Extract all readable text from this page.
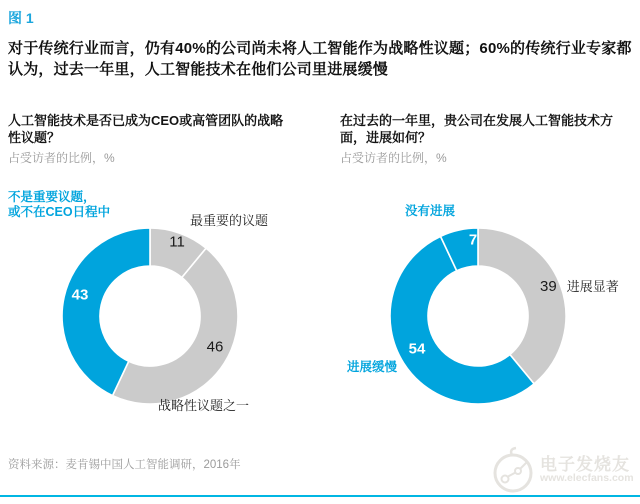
图 1
对于传统行业而言，仍有40%的公司尚未将人工智能作为战略性议题；60%的传统行业专家都认为，过去一年里，人工智能技术在他们公司里进展缓慢
人工智能技术是否已成为CEO或高管团队的战略性议题？
占受访者的比例，%
不是重要议题，
或不在CEO日程中
最重要的议题
战略性议题之一
11
43
46
在过去的一年里，贵公司在发展人工智能技术方面，进展如何？
占受访者的比例，%
没有进展
进展缓慢
7
54
39 进展显著
资料来源：麦肯锡中国人工智能调研，2016年	电子发烧友
www.elecfans.com
